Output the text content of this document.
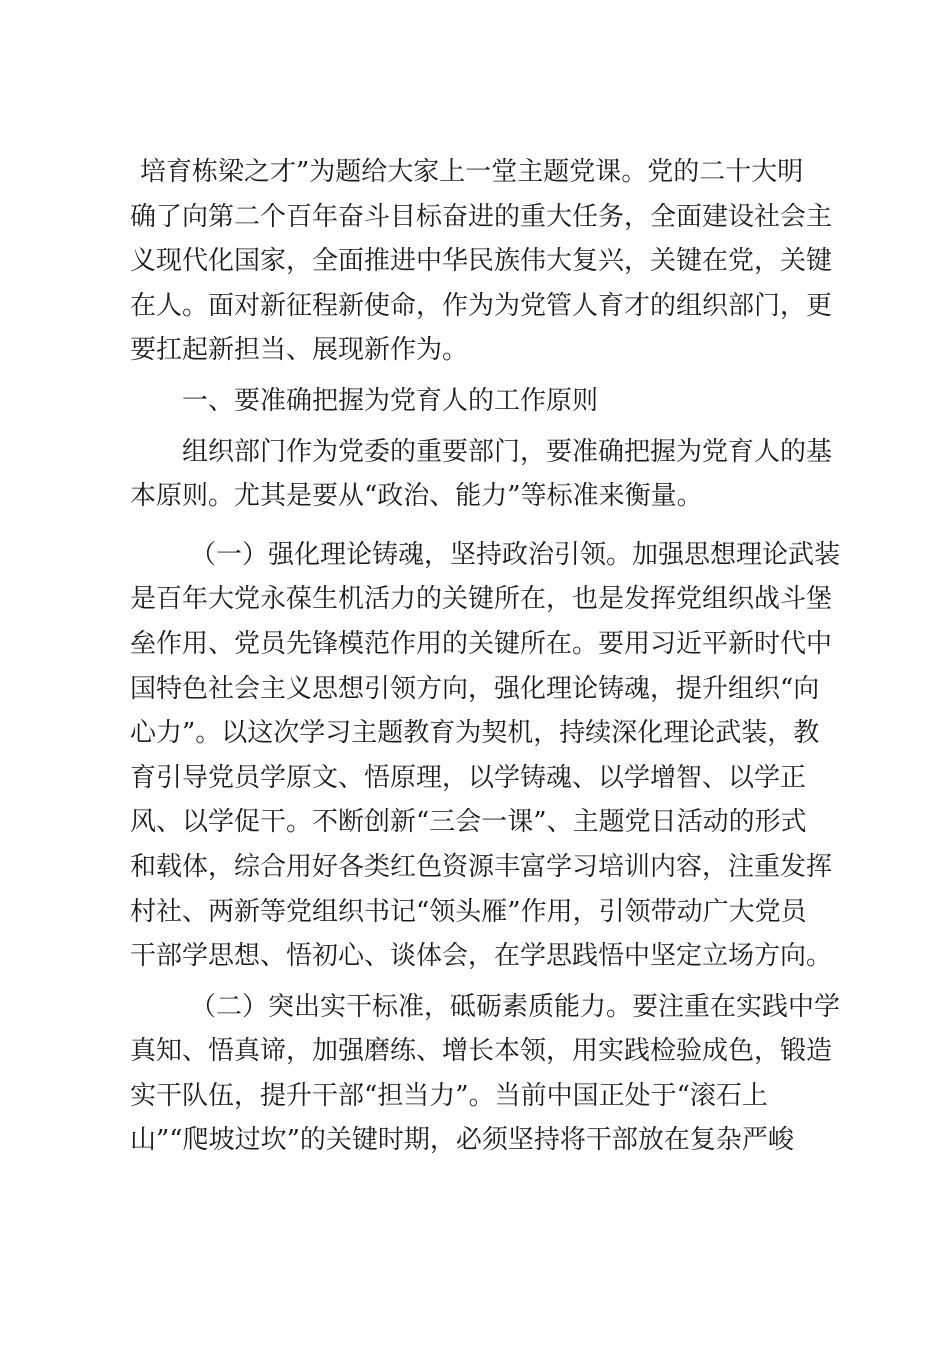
培育栋梁之才”为题给大家上一堂主题党课。党的二十大明
确了向第二个百年奋斗目标奋进的重大任务，全面建设社会主
义现代化国家，全面推进中华民族伟大复兴，关键在党，关键
在人。面对新征程新使命，作为为党管人育才的组织部门，更
要扛起新担当、展现新作为。
一、要准确把握为党育人的工作原则
组织部门作为党委的重要部门，要准确把握为党育人的基
本原则。尤其是要从“政治、能力”等标准来衡量。
（一）强化理论铸魂，坚持政治引领。加强思想理论武装
是百年大党永葆生机活力的关键所在，也是发挥党组织战斗堡
垒作用、党员先锋模范作用的关键所在。要用习近平新时代中
国特色社会主义思想引领方向，强化理论铸魂，提升组织“向
心力”。以这次学习主题教育为契机，持续深化理论武装，教
育引导党员学原文、悟原理，以学铸魂、以学增智、以学正
风、以学促干。不断创新“三会一课”、主题党日活动的形式
和载体，综合用好各类红色资源丰富学习培训内容，注重发挥
村社、两新等党组织书记“领头雁”作用，引领带动广大党员
干部学思想、悟初心、谈体会，在学思践悟中坚定立场方向。
（二）突出实干标准，砥砺素质能力。要注重在实践中学
真知、悟真谛，加强磨练、增长本领，用实践检验成色，锻造
实干队伍，提升干部“担当力”。当前中国正处于“滚石上
山”“爬坡过坎”的关键时期，必须坚持将干部放在复杂严峻
